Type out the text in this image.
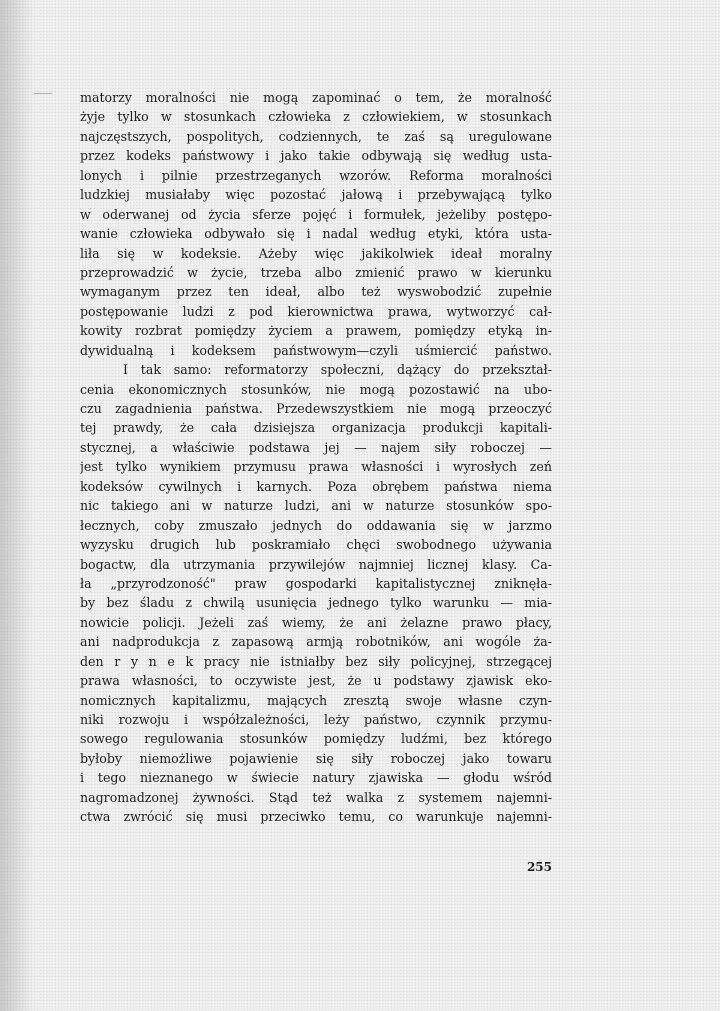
matorzy moralności nie mogą zapominać o tem, że moralność
żyje tylko w stosunkach człowieka z człowiekiem, w stosunkach
najczęstszych, pospolitych, codziennych, te zaś są uregulowane
przez kodeks państwowy i jako takie odbywają się według usta-
lonych i pilnie przestrzeganych wzorów. Reforma moralności
ludzkiej musiałaby więc pozostać jałową i przebywającą tylko
w oderwanej od życia sferze pojęć i formułek, jeżeliby postępo-
wanie człowieka odbywało się i nadal według etyki, która usta-
liła się w kodeksie. Ażeby więc jakikolwiek ideał moralny
przeprowadzić w życie, trzeba albo zmienić prawo w kierunku
wymaganym przez ten ideał, albo też wyswobodzić zupełnie
postępowanie ludzi z pod kierownictwa prawa, wytworzyć cał-
kowity rozbrat pomiędzy życiem a prawem, pomiędzy etyką in-
dywidualną i kodeksem państwowym—czyli uśmiercić państwo.
I tak samo: reformatorzy społeczni, dążący do przekształ-
cenia ekonomicznych stosunków, nie mogą pozostawić na ubo-
czu zagadnienia państwa. Przedewszystkiem nie mogą przeoczyć
tej prawdy, że cała dzisiejsza organizacja produkcji kapitali-
stycznej, a właściwie podstawa jej — najem siły roboczej —
jest tylko wynikiem przymusu prawa własności i wyrosłych zeń
kodeksów cywilnych i karnych. Poza obrębem państwa niema
nic takiego ani w naturze ludzi, ani w naturze stosunków spo-
łecznych, coby zmuszało jednych do oddawania się w jarzmo
wyzysku drugich lub poskramiało chęci swobodnego używania
bogactw, dla utrzymania przywilejów najmniej licznej klasy. Ca-
ła „przyrodzoność" praw gospodarki kapitalistycznej zniknęła-
by bez śladu z chwilą usunięcia jednego tylko warunku — mia-
nowicie policji. Jeżeli zaś wiemy, że ani żelazne prawo płacy,
ani nadprodukcja z zapasową armją robotników, ani wogóle ża-
den r y n e k pracy nie istniałby bez siły policyjnej, strzegącej
prawa własności, to oczywiste jest, że u podstawy zjawisk eko-
nomicznych kapitalizmu, mających zresztą swoje własne czyn-
niki rozwoju i współzależności, leży państwo, czynnik przymu-
sowego regulowania stosunków pomiędzy ludźmi, bez którego
byłoby niemożliwe pojawienie się siły roboczej jako towaru
i tego nieznanego w świecie natury zjawiska — głodu wśród
nagromadzonej żywności. Stąd też walka z systemem najemni-
ctwa zwrócić się musi przeciwko temu, co warunkuje najemni-
255
